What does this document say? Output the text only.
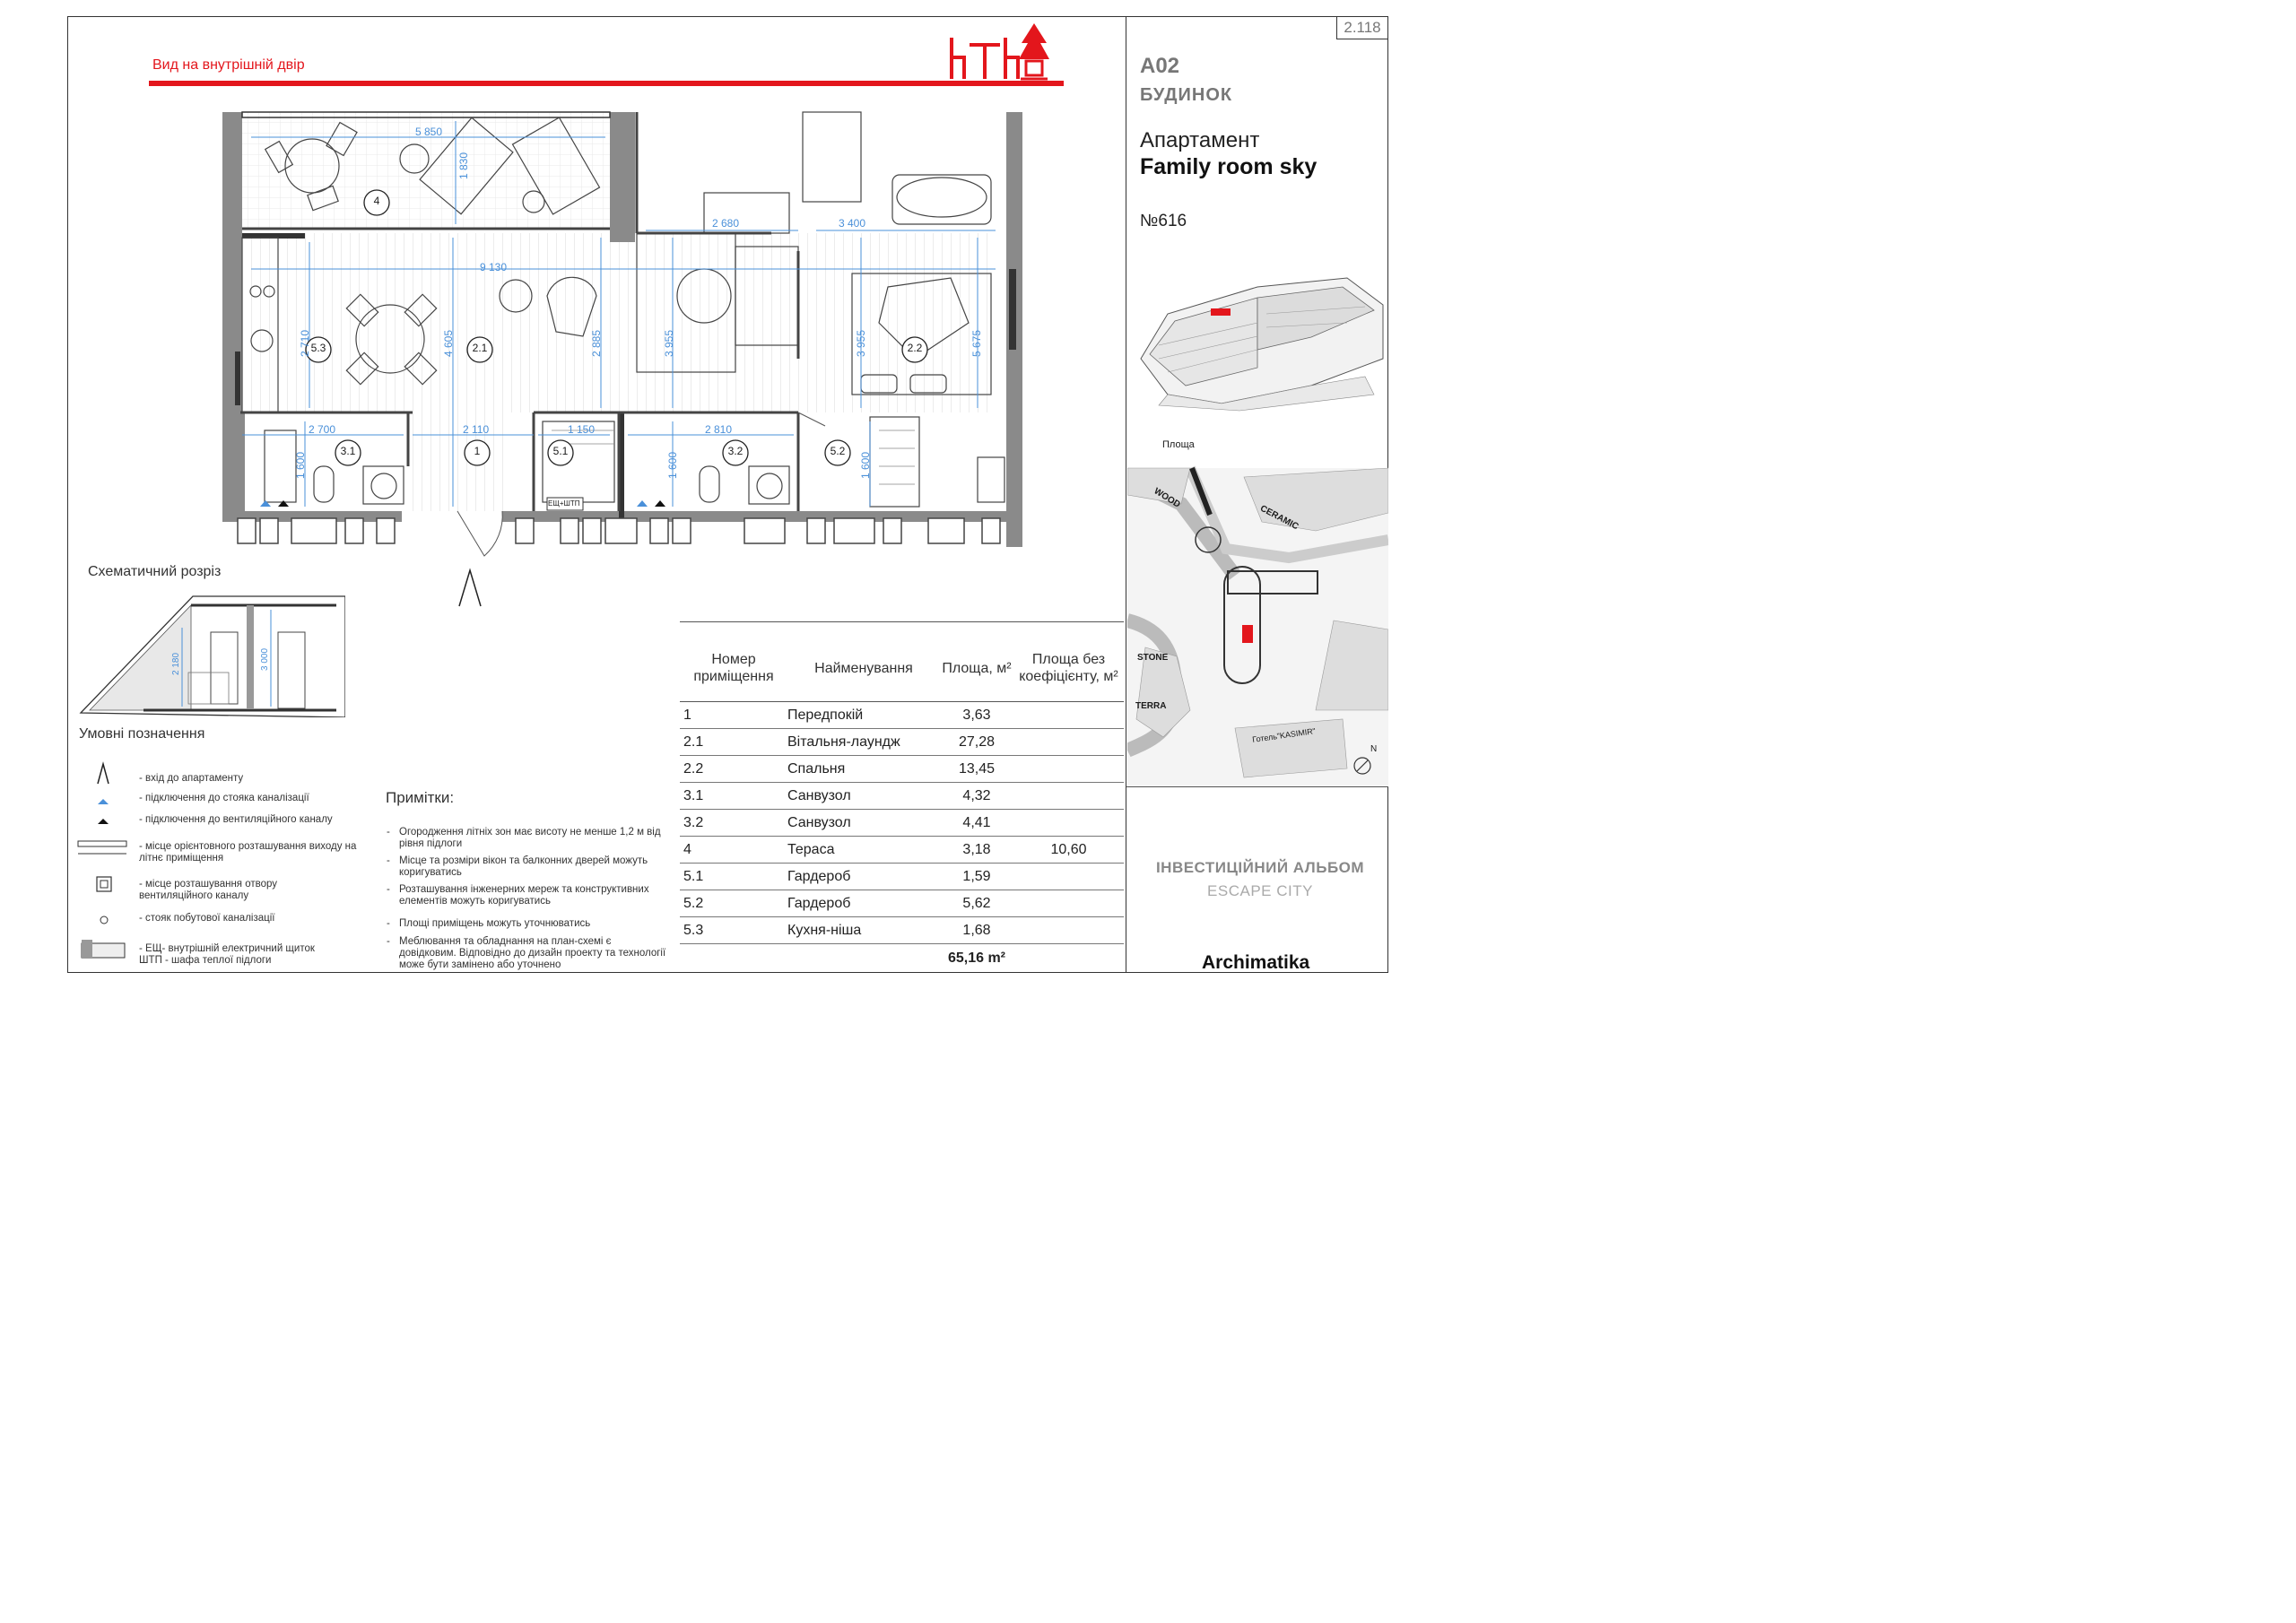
2.118
Вид на внутрішній двір	A02
БУДИНОК
Апартамент
Family room sky
№616
Площа
WOOD
CERAMIC
STONE
TERRA
Готель"KASIMIR"
N
ІНВЕСТИЦІЙНИЙ АЛЬБОМ
ESCAPE CITY
Archimatika
5 850
1 830
9 130
2 680	3 400
2 710	4 605	2 885	3 955	3 955	5 675
2 700	2 110	1 150	2 810
1 600	1 600	1 600
4
5.3	2.1	2.2
3.1	1	5.1	3.2	5.2
ЕЩ+ШТП
Схематичний розріз
2 180	3 000
Умовні позначення
- вхід до апартаменту
- підключення до стояка каналізації
- підключення до вентиляційного каналу
- місце орієнтовного розташування виходу на літнє приміщення
- місце розташування отвору вентиляційного каналу
- стояк побутової каналізації
- ЕЩ- внутрішній електричний щиток ШТП - шафа теплої підлоги
Примітки:
- Огородження літніх зон має висоту не менше 1,2 м від рівня підлоги
- Місце та розміри вікон та балконних дверей можуть коригуватись
- Розташування інженерних мереж та конструктивних елементів можуть коригуватись
- Площі приміщень можуть уточнюватись
- Меблювання та обладнання на план-схемі є довідковим. Відповідно до дизайн проекту та технології може бути замінено або уточнено
Номер приміщення	Найменування	Площа, м²	Площа без коефіцієнту, м²
1	Передпокій	3,63	
2.1	Вітальня-лаундж	27,28	
2.2	Спальня	13,45	
3.1	Санвузол	4,32	
3.2	Санвузол	4,41	
4	Тераса	3,18	10,60
5.1	Гардероб	1,59	
5.2	Гардероб	5,62	
5.3	Кухня-ніша	1,68	
		65,16 m²	
